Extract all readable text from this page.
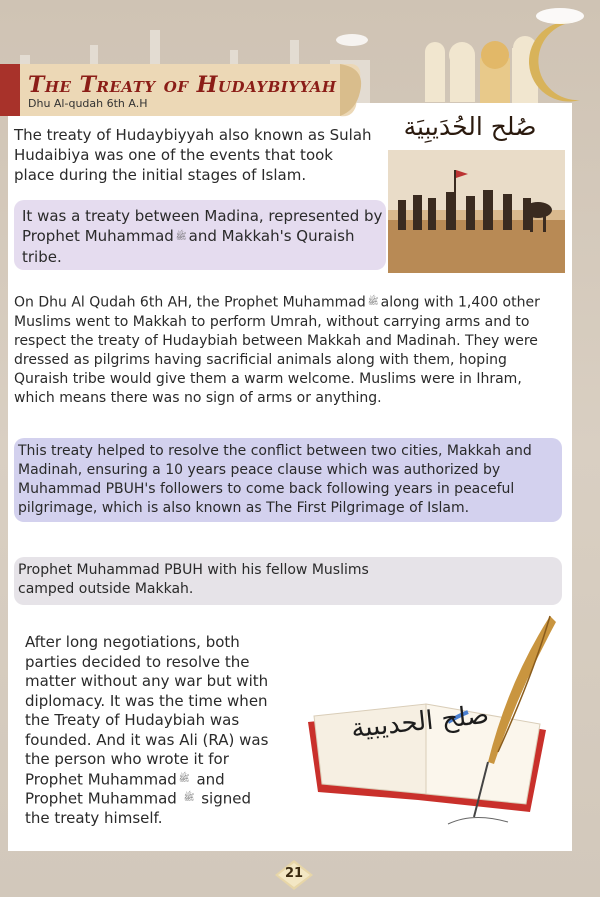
The Treaty of Hudaybiyyah
Dhu Al-qudah 6th A.H
صُلح الحُدَيبِيَة

The treaty of Hudaybiyyah also known as Sulah Hudaibiya was one of the events that took place during the initial stages of Islam.

It was a treaty between Madina, represented by Prophet Muhammad ﷺ and Makkah's Quraish tribe.

On Dhu Al Qudah 6th AH, the Prophet Muhammad ﷺ along with 1,400 other Muslims went to Makkah to perform Umrah, without carrying arms and to respect the treaty of Hudaybiah between Makkah and Madinah. They were dressed as pilgrims having sacrificial animals along with them, hoping Quraish tribe would give them a warm welcome. Muslims were in Ihram, which means there was no sign of arms or anything.

This treaty helped to resolve the conflict between two cities, Makkah and Madinah, ensuring a 10 years peace clause which was authorized by Muhammad PBUH's followers to come back following years in peaceful pilgrimage, which is also known as The First Pilgrimage of Islam.

Prophet Muhammad PBUH with his fellow Muslims camped outside Makkah.

After long negotiations, both parties decided to resolve the matter without any war but with diplomacy. It was the time when the Treaty of Hudaybiah was founded. And it was Ali (RA) was the person who wrote it for Prophet Muhammad ﷺ and Prophet Muhammad ﷺ signed the treaty himself.

صلح الحديبية
21
